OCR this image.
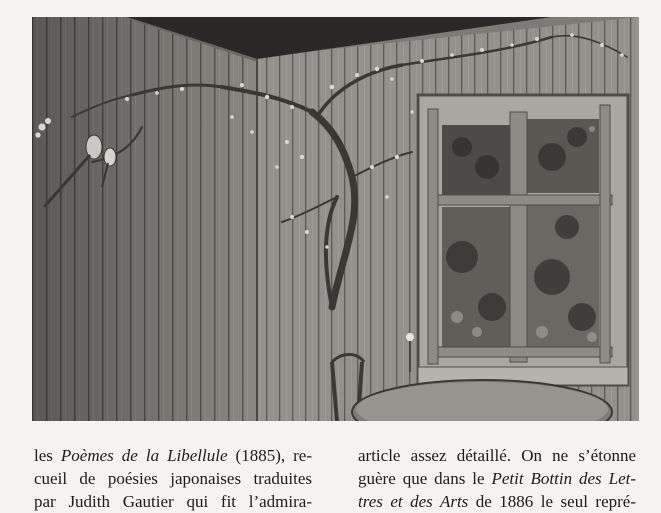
les Poèmes de la Libellule (1885), re-
cueil de poésies japonaises traduites
par Judith Gautier qui fit l’admira-
article assez détaillé. On ne s’étonne
guère que dans le Petit Bottin des Let-
tres et des Arts de 1886 le seul repré-
